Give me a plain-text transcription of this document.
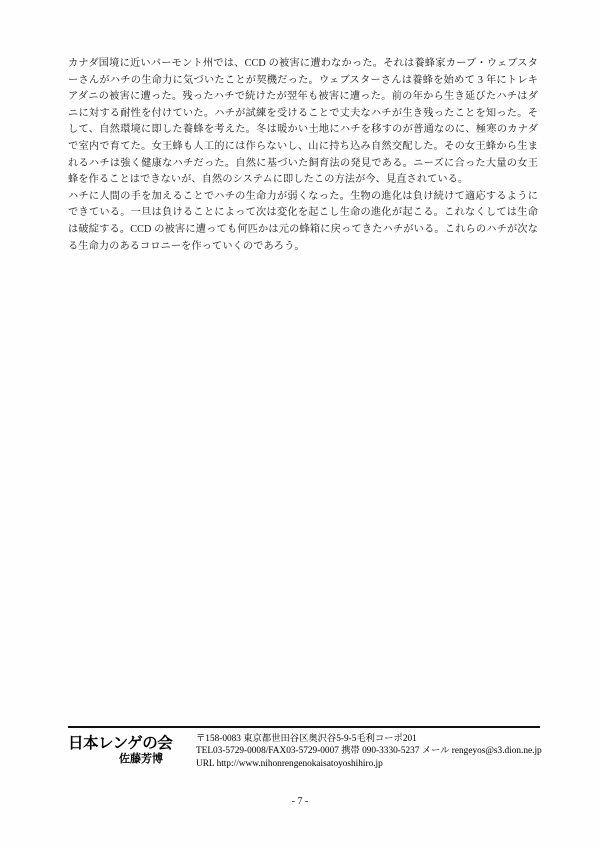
カナダ国境に近いバーモント州では、CCD の被害に遭わなかった。それは養蜂家カーブ・ウェブスターさんがハチの生命力に気づいたことが契機だった。ウェブスターさんは養蜂を始めて 3 年にトレキアダニの被害に遭った。残ったハチで続けたが翌年も被害に遭った。前の年から生き延びたハチはダニに対する耐性を付けていた。ハチが試練を受けることで丈夫なハチが生き残ったことを知った。そして、自然環境に即した養蜂を考えた。冬は暖かい土地にハチを移すのが普通なのに、極寒のカナダで室内で育てた。女王蜂も人工的には作らないし、山に持ち込み自然交配した。その女王蜂から生まれるハチは強く健康なハチだった。自然に基づいた飼育法の発見である。ニーズに合った大量の女王蜂を作ることはできないが、自然のシステムに即したこの方法が今、見直されている。

ハチに人間の手を加えることでハチの生命力が弱くなった。生物の進化は負け続けて適応するようにできている。一旦は負けることによって次は変化を起こし生命の進化が起こる。これなくしては生命は破綻する。CCD の被害に遭っても何匹かは元の蜂箱に戻ってきたハチがいる。これらのハチが次なる生命力のあるコロニーを作っていくのであろう。

日本レンゲの会
佐藤芳博
〒158-0083 東京都世田谷区奥沢谷5-9-5毛利コーポ201
TEL03-5729-0008/FAX03-5729-0007 携帯 090-3330-5237 メール rengeyos@s3.dion.ne.jp
URL http://www.nihonrengenokaisatoyoshihiro.jp
- 7 -
